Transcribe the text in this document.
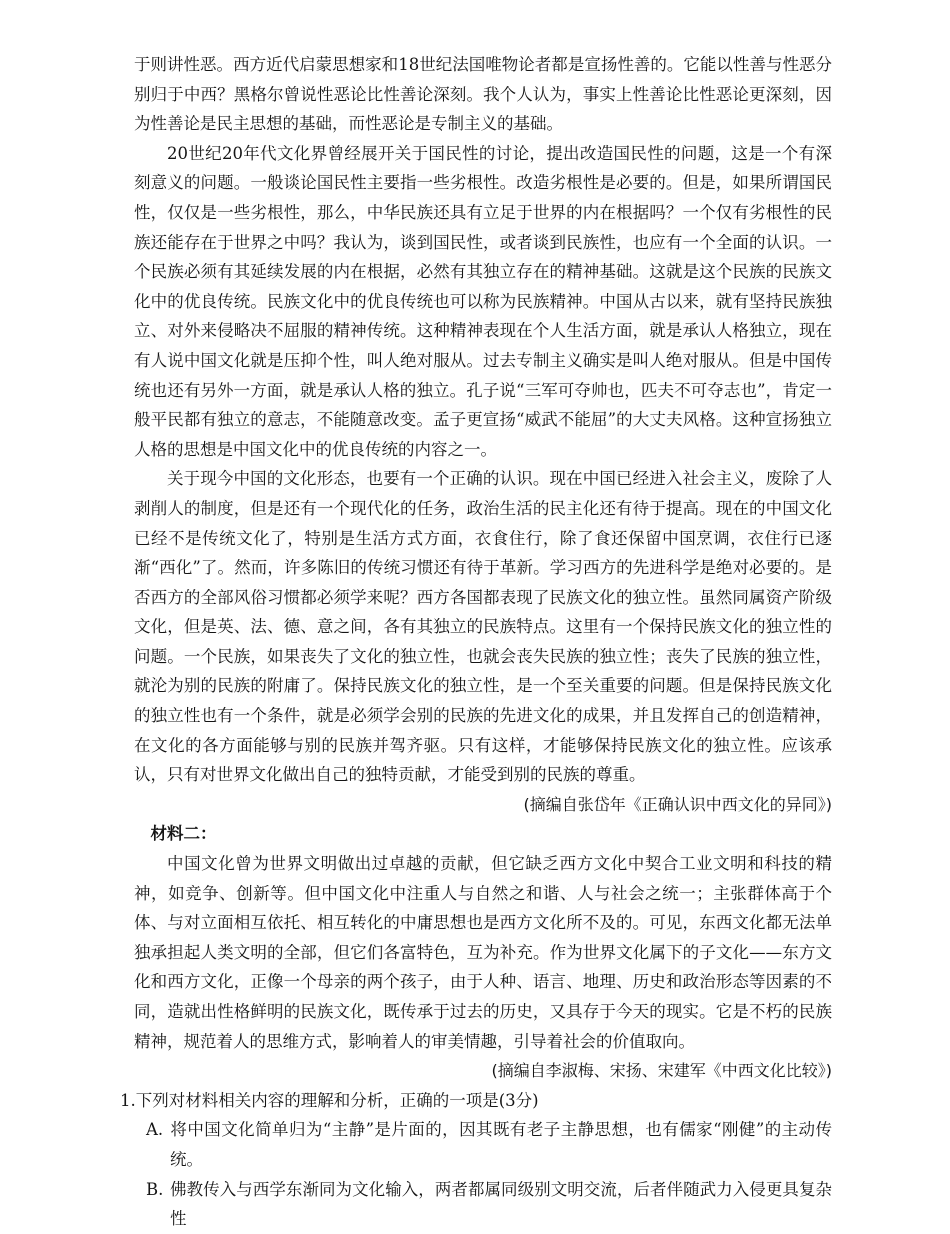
于则讲性恶。西方近代启蒙思想家和18世纪法国唯物论者都是宣扬性善的。它能以性善与性恶分别归于中西？黑格尔曾说性恶论比性善论深刻。我个人认为，事实上性善论比性恶论更深刻，因为性善论是民主思想的基础，而性恶论是专制主义的基础。

20世纪20年代文化界曾经展开关于国民性的讨论，提出改造国民性的问题，这是一个有深刻意义的问题。一般谈论国民性主要指一些劣根性。改造劣根性是必要的。但是，如果所谓国民性，仅仅是一些劣根性，那么，中华民族还具有立足于世界的内在根据吗？一个仅有劣根性的民族还能存在于世界之中吗？我认为，谈到国民性，或者谈到民族性，也应有一个全面的认识。一个民族必须有其延续发展的内在根据，必然有其独立存在的精神基础。这就是这个民族的民族文化中的优良传统。民族文化中的优良传统也可以称为民族精神。中国从古以来，就有坚持民族独立、对外来侵略决不屈服的精神传统。这种精神表现在个人生活方面，就是承认人格独立，现在有人说中国文化就是压抑个性，叫人绝对服从。过去专制主义确实是叫人绝对服从。但是中国传统也还有另外一方面，就是承认人格的独立。孔子说“三军可夺帅也，匹夫不可夺志也”，肯定一般平民都有独立的意志，不能随意改变。孟子更宣扬“威武不能屈”的大丈夫风格。这种宣扬独立人格的思想是中国文化中的优良传统的内容之一。

关于现今中国的文化形态，也要有一个正确的认识。现在中国已经进入社会主义，废除了人剥削人的制度，但是还有一个现代化的任务，政治生活的民主化还有待于提高。现在的中国文化已经不是传统文化了，特别是生活方式方面，衣食住行，除了食还保留中国烹调，衣住行已逐渐“西化”了。然而，许多陈旧的传统习惯还有待于革新。学习西方的先进科学是绝对必要的。是否西方的全部风俗习惯都必须学来呢？西方各国都表现了民族文化的独立性。虽然同属资产阶级文化，但是英、法、德、意之间，各有其独立的民族特点。这里有一个保持民族文化的独立性的问题。一个民族，如果丧失了文化的独立性，也就会丧失民族的独立性；丧失了民族的独立性，就沦为别的民族的附庸了。保持民族文化的独立性，是一个至关重要的问题。但是保持民族文化的独立性也有一个条件，就是必须学会别的民族的先进文化的成果，并且发挥自己的创造精神，在文化的各方面能够与别的民族并驾齐驱。只有这样，才能够保持民族文化的独立性。应该承认，只有对世界文化做出自己的独特贡献，才能受到别的民族的尊重。

(摘编自张岱年《正确认识中西文化的异同》)

材料二：

中国文化曾为世界文明做出过卓越的贡献，但它缺乏西方文化中契合工业文明和科技的精神，如竞争、创新等。但中国文化中注重人与自然之和谐、人与社会之统一；主张群体高于个体、与对立面相互依托、相互转化的中庸思想也是西方文化所不及的。可见，东西文化都无法单独承担起人类文明的全部，但它们各富特色，互为补充。作为世界文化属下的子文化——东方文化和西方文化，正像一个母亲的两个孩子，由于人种、语言、地理、历史和政治形态等因素的不同，造就出性格鲜明的民族文化，既传承于过去的历史，又具存于今天的现实。它是不朽的民族精神，规范着人的思维方式，影响着人的审美情趣，引导着社会的价值取向。

(摘编自李淑梅、宋扬、宋建军《中西文化比较》)

1.下列对材料相关内容的理解和分析，正确的一项是(3分)

A. 将中国文化简单归为“主静”是片面的，因其既有老子主静思想，也有儒家“刚健”的主动传统。

B. 佛教传入与西学东渐同为文化输入，两者都属同级别文明交流，后者伴随武力入侵更具复杂性
